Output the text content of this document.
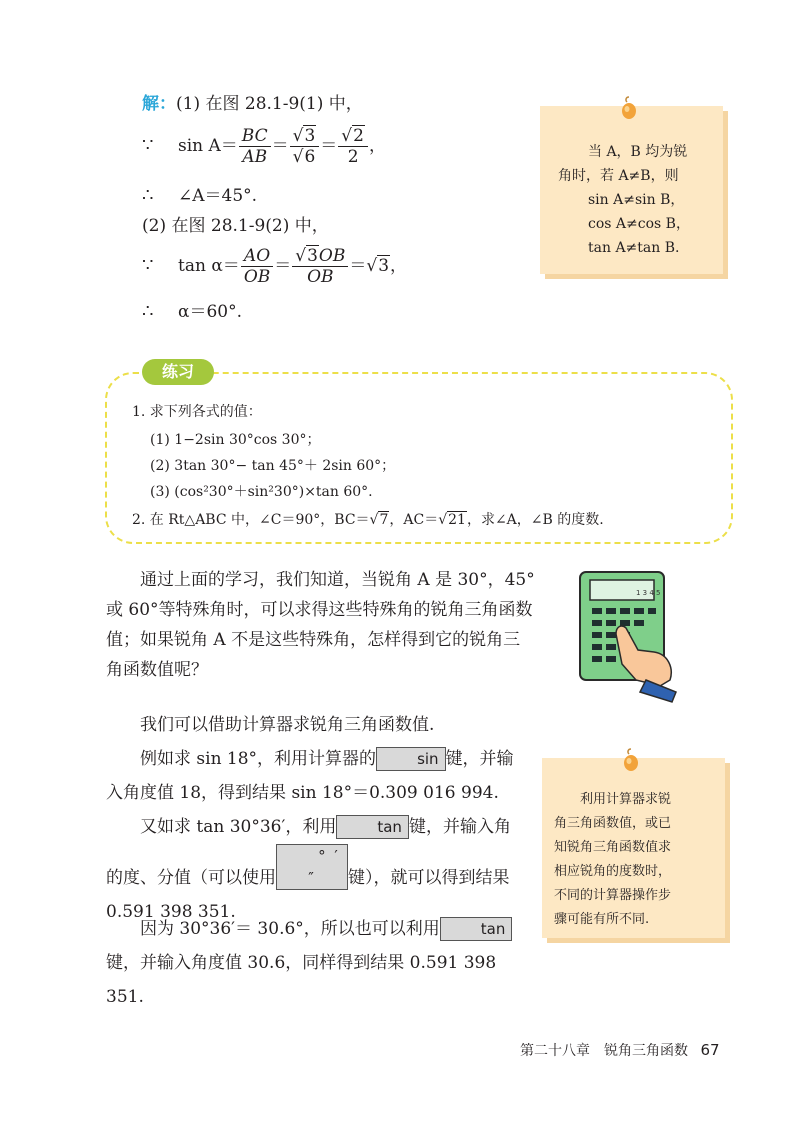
解：(1) 在图 28.1-9(1) 中，
∵ $\sin A= \frac{BC}{AB} = \frac{√3}{√6} = \frac{√2}{2}$ ，
∴ ∠A＝45°.
(2) 在图 28.1-9(2) 中，
∵ $\tan \alpha= \frac{AO}{OB} = \frac{√3OB}{OB} =√3$，
∴ α＝60°.
当 A，B 均为锐
角时，若 A≠B，则
sin A≠sin B，
cos A≠cos B，
tan A≠tan B.
练习
1. 求下列各式的值：
(1) 1−2sin 30°cos 30°；
(2) 3tan 30°− tan 45°＋ 2sin 60°；
(3) (cos²30°＋sin²30°)×tan 60°.
2. 在 Rt△ABC 中，∠C＝90°，BC＝√7，AC＝√21，求∠A，∠B 的度数.
通过上面的学习，我们知道，当锐角 A 是 30°，45°或 60°等特殊角时，可以求得这些特殊角的锐角三角函数值；如果锐角 A 不是这些特殊角，怎样得到它的锐角三角函数值呢？
1 3 4 5
我们可以借助计算器求锐角三角函数值.
例如求 sin 18°，利用计算器的	sin 键，并输入角度值 18，得到结果 sin 18°＝0.309 016 994.
又如求 tan 30°36′，利用	tan 键，并输入角的度、分值（可以使用° ′ ″ 键），就可以得到结果 0.591 398 351.
因为 30°36′＝ 30.6°，所以也可以利用	tan键，并输入角度值 30.6，同样得到结果 0.591 398 351.
利用计算器求锐
角三角函数值，或已
知锐角三角函数值求
相应锐角的度数时，
不同的计算器操作步
骤可能有所不同.
第二十八章　锐角三角函数 67
